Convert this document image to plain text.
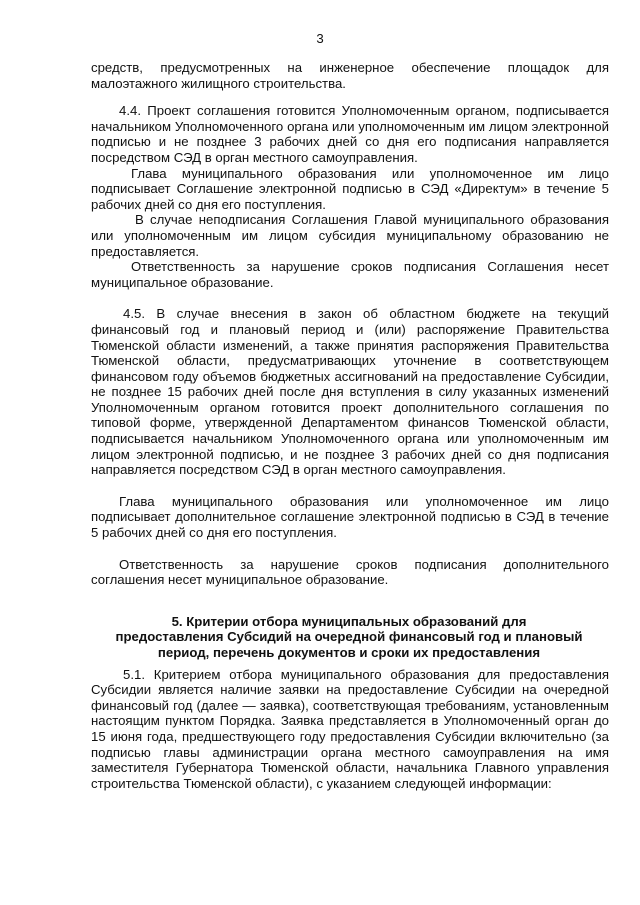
3

средств, предусмотренных на инженерное обеспечение площадок для малоэтажного жилищного строительства.

4.4. Проект соглашения готовится Уполномоченным органом, подписывается начальником Уполномоченного органа или уполномоченным им лицом электронной подписью и не позднее 3 рабочих дней со дня его подписания направляется посредством СЭД в орган местного самоуправления.

Глава муниципального образования или уполномоченное им лицо подписывает Соглашение электронной подписью в СЭД «Директум» в течение 5 рабочих дней со дня его поступления.

В случае неподписания Соглашения Главой муниципального образования или уполномоченным им лицом субсидия муниципальному образованию не предоставляется.

Ответственность за нарушение сроков подписания Соглашения несет муниципальное образование.

4.5. В случае внесения в закон об областном бюджете на текущий финансовый год и плановый период и (или) распоряжение Правительства Тюменской области изменений, а также принятия распоряжения Правительства Тюменской области, предусматривающих уточнение в соответствующем финансовом году объемов бюджетных ассигнований на предоставление Субсидии, не позднее 15 рабочих дней после дня вступления в силу указанных изменений Уполномоченным органом готовится проект дополнительного соглашения по типовой форме, утвержденной Департаментом финансов Тюменской области, подписывается начальником Уполномоченного органа или уполномоченным им лицом электронной подписью, и не позднее 3 рабочих дней со дня подписания направляется посредством СЭД в орган местного самоуправления.

Глава муниципального образования или уполномоченное им лицо подписывает дополнительное соглашение электронной подписью в СЭД в течение 5 рабочих дней со дня его поступления.

Ответственность за нарушение сроков подписания дополнительного соглашения несет муниципальное образование.

5. Критерии отбора муниципальных образований для

предоставления Субсидий на очередной финансовый год и плановый

период, перечень документов и сроки их предоставления

5.1. Критерием отбора муниципального образования для предоставления Субсидии является наличие заявки на предоставление Субсидии на очередной финансовый год (далее — заявка), соответствующая требованиям, установленным настоящим пунктом Порядка. Заявка представляется в Уполномоченный орган до 15 июня года, предшествующего году предоставления Субсидии включительно (за подписью главы администрации органа местного самоуправления на имя заместителя Губернатора Тюменской области, начальника Главного управления строительства Тюменской области), с указанием следующей информации:
